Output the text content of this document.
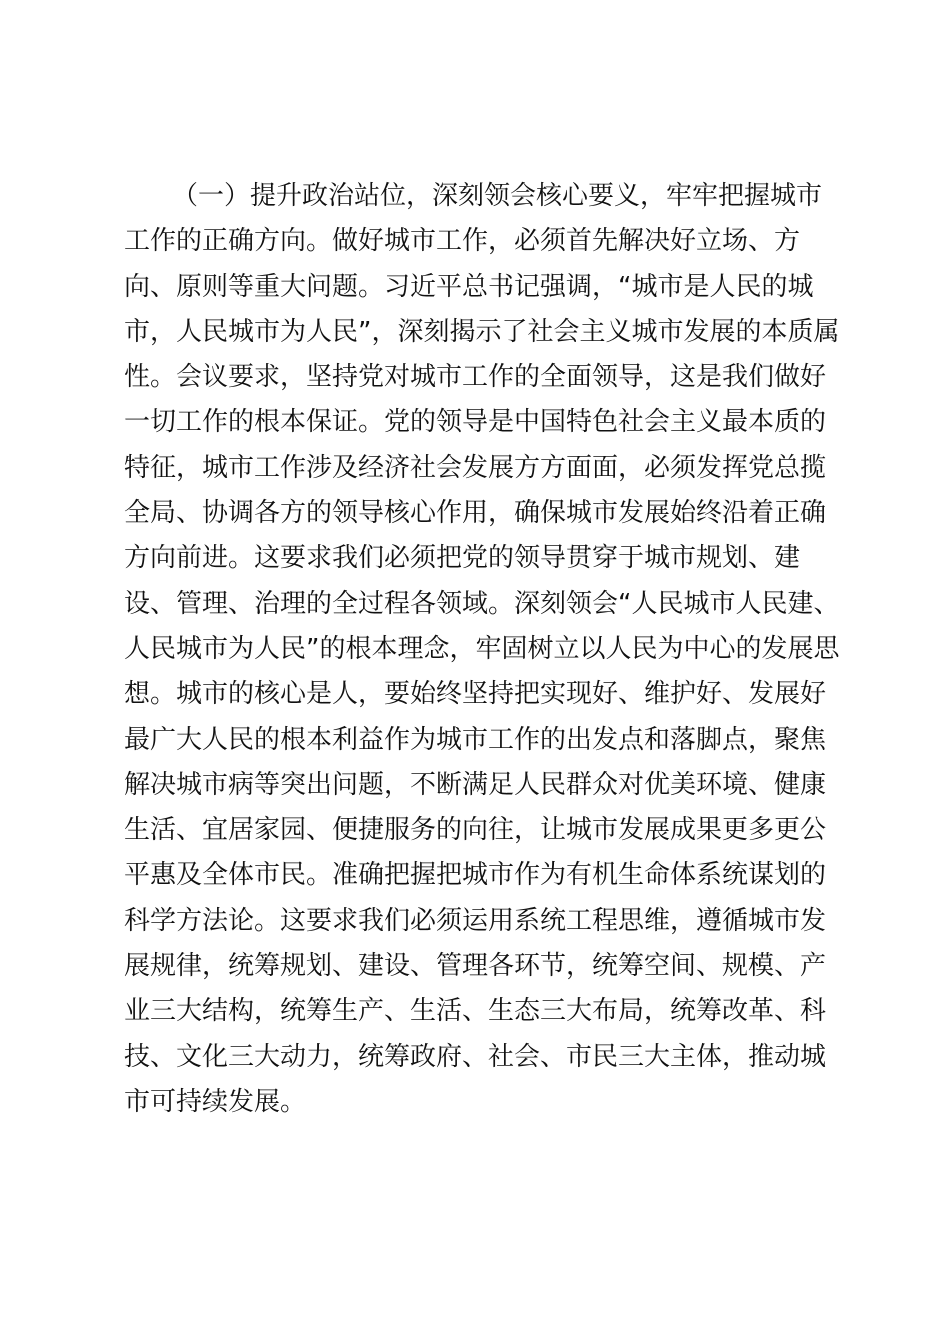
（一）提升政治站位，深刻领会核心要义，牢牢把握城市
工作的正确方向。做好城市工作，必须首先解决好立场、方
向、原则等重大问题。习近平总书记强调，“城市是人民的城
市，人民城市为人民”，深刻揭示了社会主义城市发展的本质属
性。会议要求，坚持党对城市工作的全面领导，这是我们做好
一切工作的根本保证。党的领导是中国特色社会主义最本质的
特征，城市工作涉及经济社会发展方方面面，必须发挥党总揽
全局、协调各方的领导核心作用，确保城市发展始终沿着正确
方向前进。这要求我们必须把党的领导贯穿于城市规划、建
设、管理、治理的全过程各领域。深刻领会“人民城市人民建、
人民城市为人民”的根本理念，牢固树立以人民为中心的发展思
想。城市的核心是人，要始终坚持把实现好、维护好、发展好
最广大人民的根本利益作为城市工作的出发点和落脚点，聚焦
解决城市病等突出问题，不断满足人民群众对优美环境、健康
生活、宜居家园、便捷服务的向往，让城市发展成果更多更公
平惠及全体市民。准确把握把城市作为有机生命体系统谋划的
科学方法论。这要求我们必须运用系统工程思维，遵循城市发
展规律，统筹规划、建设、管理各环节，统筹空间、规模、产
业三大结构，统筹生产、生活、生态三大布局，统筹改革、科
技、文化三大动力，统筹政府、社会、市民三大主体，推动城
市可持续发展。
